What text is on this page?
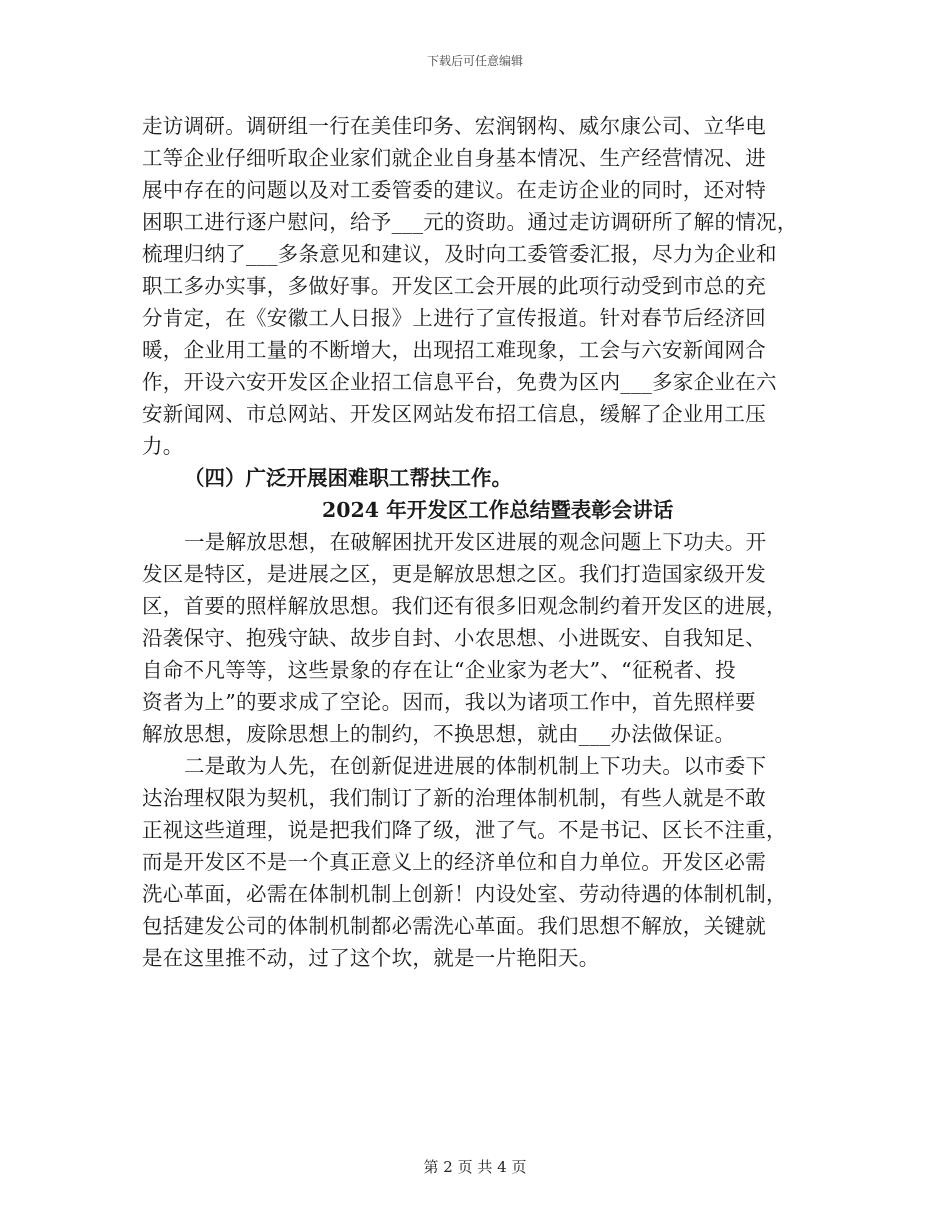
下载后可任意编辑
走访调研。调研组一行在美佳印务、宏润钢构、威尔康公司、立华电
工等企业仔细听取企业家们就企业自身基本情况、生产经营情况、进
展中存在的问题以及对工委管委的建议。在走访企业的同时，还对特
困职工进行逐户慰问，给予___元的资助。通过走访调研所了解的情况，
梳理归纳了___多条意见和建议，及时向工委管委汇报，尽力为企业和
职工多办实事，多做好事。开发区工会开展的此项行动受到市总的充
分肯定，在《安徽工人日报》上进行了宣传报道。针对春节后经济回
暖，企业用工量的不断增大，出现招工难现象，工会与六安新闻网合
作，开设六安开发区企业招工信息平台，免费为区内___多家企业在六
安新闻网、市总网站、开发区网站发布招工信息，缓解了企业用工压
力。

（四）广泛开展困难职工帮扶工作。

2024 年开发区工作总结暨表彰会讲话

一是解放思想，在破解困扰开发区进展的观念问题上下功夫。开
发区是特区，是进展之区，更是解放思想之区。我们打造国家级开发
区，首要的照样解放思想。我们还有很多旧观念制约着开发区的进展，
沿袭保守、抱残守缺、故步自封、小农思想、小进既安、自我知足、
自命不凡等等，这些景象的存在让“企业家为老大”、“征税者、投
资者为上”的要求成了空论。因而，我以为诸项工作中，首先照样要
解放思想，废除思想上的制约，不换思想，就由___办法做保证。
二是敢为人先，在创新促进进展的体制机制上下功夫。以市委下
达治理权限为契机，我们制订了新的治理体制机制，有些人就是不敢
正视这些道理，说是把我们降了级，泄了气。不是书记、区长不注重，
而是开发区不是一个真正意义上的经济单位和自力单位。开发区必需
洗心革面，必需在体制机制上创新！内设处室、劳动待遇的体制机制，
包括建发公司的体制机制都必需洗心革面。我们思想不解放，关键就
是在这里推不动，过了这个坎，就是一片艳阳天。
第 2 页 共 4 页
